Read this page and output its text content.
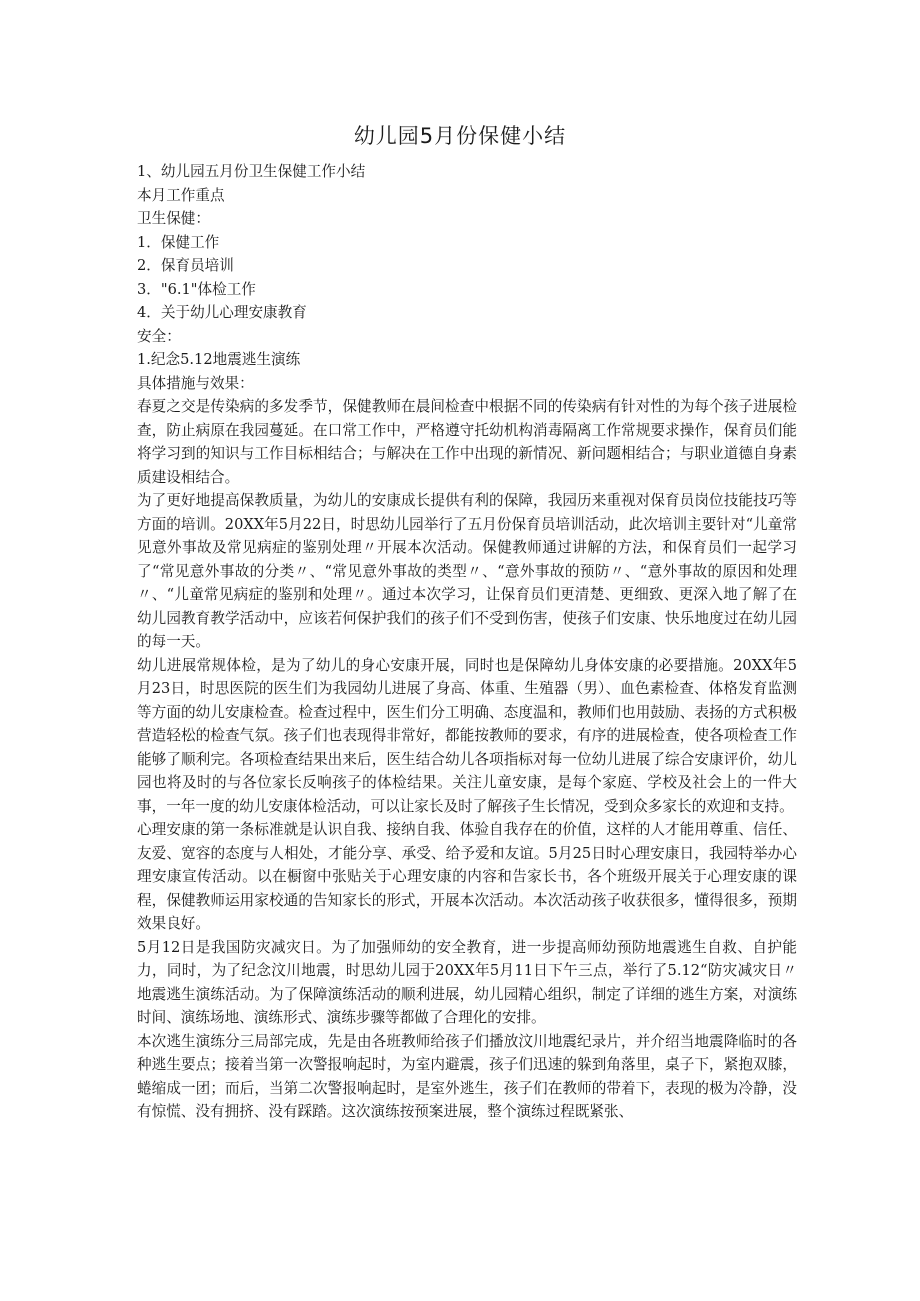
幼儿园5月份保健小结
1、幼儿园五月份卫生保健工作小结
本月工作重点
卫生保健：
1．保健工作
2．保育员培训
3．"6.1"体检工作
4．关于幼儿心理安康教育
安全：
1.纪念5.12地震逃生演练
具体措施与效果：
春夏之交是传染病的多发季节，保健教师在晨间检查中根据不同的传染病有针对性的为每个孩子进展检查，防止病原在我园蔓延。在口常工作中，严格遵守托幼机构消毒隔离工作常规要求操作，保育员们能将学习到的知识与工作目标相结合；与解决在工作中出现的新情况、新问题相结合；与职业道德自身素质建设相结合。
为了更好地提高保教质量，为幼儿的安康成长提供有利的保障，我园历来重视对保育员岗位技能技巧等方面的培训。20XX年5月22日，时思幼儿园举行了五月份保育员培训活动，此次培训主要针对“儿童常见意外事故及常见病症的鉴别处理〃开展本次活动。保健教师通过讲解的方法，和保育员们一起学习了“常见意外事故的分类〃、“常见意外事故的类型〃、“意外事故的预防〃、“意外事故的原因和处理〃、“儿童常见病症的鉴别和处理〃。通过本次学习，让保育员们更清楚、更细致、更深入地了解了在幼儿园教育教学活动中，应该若何保护我们的孩子们不受到伤害，使孩子们安康、快乐地度过在幼儿园的每一天。
幼儿进展常规体检，是为了幼儿的身心安康开展，同时也是保障幼儿身体安康的必要措施。20XX年5月23日，时思医院的医生们为我园幼儿进展了身高、体重、生殖器（男）、血色素检查、体格发育监测等方面的幼儿安康检查。检查过程中，医生们分工明确、态度温和，教师们也用鼓励、表扬的方式积极营造轻松的检查气氛。孩子们也表现得非常好，都能按教师的要求，有序的进展检查，使各项检查工作能够了顺利完。各项检查结果出来后，医生结合幼儿各项指标对每一位幼儿进展了综合安康评价，幼儿园也将及时的与各位家长反响孩子的体检结果。关注儿童安康，是每个家庭、学校及社会上的一件大事，一年一度的幼儿安康体检活动，可以让家长及时了解孩子生长情况，受到众多家长的欢迎和支持。
心理安康的第一条标准就是认识自我、接纳自我、体验自我存在的价值，这样的人才能用尊重、信任、友爱、宽容的态度与人相处，才能分享、承受、给予爱和友谊。5月25日时心理安康日，我园特举办心理安康宣传活动。以在橱窗中张贴关于心理安康的内容和告家长书，各个班级开展关于心理安康的课程，保健教师运用家校通的告知家长的形式，开展本次活动。本次活动孩子收获很多，懂得很多，预期效果良好。
5月12日是我国防灾减灾日。为了加强师幼的安全教育，进一步提高师幼预防地震逃生自救、自护能力，同时，为了纪念汶川地震，时思幼儿园于20XX年5月11日下午三点，举行了5.12“防灾减灾日〃地震逃生演练活动。为了保障演练活动的顺利进展，幼儿园精心组织，制定了详细的逃生方案，对演练时间、演练场地、演练形式、演练步骤等都做了合理化的安排。
本次逃生演练分三局部完成，先是由各班教师给孩子们播放汶川地震纪录片，并介绍当地震降临时的各种逃生要点；接着当第一次警报响起时，为室内避震，孩子们迅速的躲到角落里，桌子下，紧抱双膝，蜷缩成一团；而后，当第二次警报响起时，是室外逃生，孩子们在教师的带着下，表现的极为冷静，没有惊慌、没有拥挤、没有踩踏。这次演练按预案进展，整个演练过程既紧张、
